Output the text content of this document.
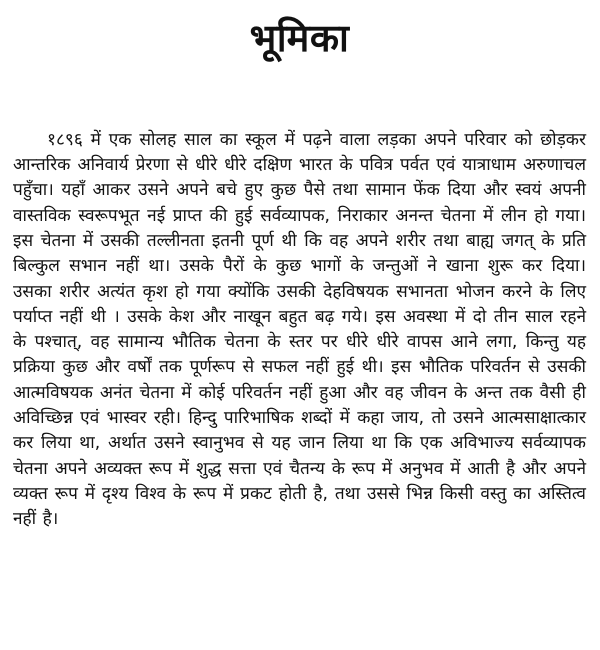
भूमिका

१८९६ में एक सोलह साल का स्कूल में पढ़ने वाला लड़का अपने परिवार को छोड़कर आन्तरिक अनिवार्य प्रेरणा से धीरे धीरे दक्षिण भारत के पवित्र पर्वत एवं यात्राधाम अरुणाचल पहुँचा। यहाँ आकर उसने अपने बचे हुए कुछ पैसे तथा सामान फेंक दिया और स्वयं अपनी वास्तविक स्वरूपभूत नई प्राप्त की हुई सर्वव्यापक, निराकार अनन्त चेतना में लीन हो गया। इस चेतना में उसकी तल्लीनता इतनी पूर्ण थी कि वह अपने शरीर तथा बाह्य जगत् के प्रति बिल्कुल सभान नहीं था। उसके पैरों के कुछ भागों के जन्तुओं ने खाना शुरू कर दिया। उसका शरीर अत्यंत कृश हो गया क्योंकि उसकी देहविषयक सभानता भोजन करने के लिए पर्याप्त नहीं थी । उसके केश और नाखून बहुत बढ़ गये। इस अवस्था में दो तीन साल रहने के पश्चात्, वह सामान्य भौतिक चेतना के स्तर पर धीरे धीरे वापस आने लगा, किन्तु यह प्रक्रिया कुछ और वर्षों तक पूर्णरूप से सफल नहीं हुई थी। इस भौतिक परिवर्तन से उसकी आत्मविषयक अनंत चेतना में कोई परिवर्तन नहीं हुआ और वह जीवन के अन्त तक वैसी ही अविच्छिन्न एवं भास्वर रही। हिन्दु पारिभाषिक शब्दों में कहा जाय, तो उसने आत्मसाक्षात्कार कर लिया था, अर्थात उसने स्वानुभव से यह जान लिया था कि एक अविभाज्य सर्वव्यापक चेतना अपने अव्यक्त रूप में शुद्ध सत्ता एवं चैतन्य के रूप में अनुभव में आती है और अपने व्यक्त रूप में दृश्य विश्व के रूप में प्रकट होती है, तथा उससे भिन्न किसी वस्तु का अस्तित्व नहीं है।
